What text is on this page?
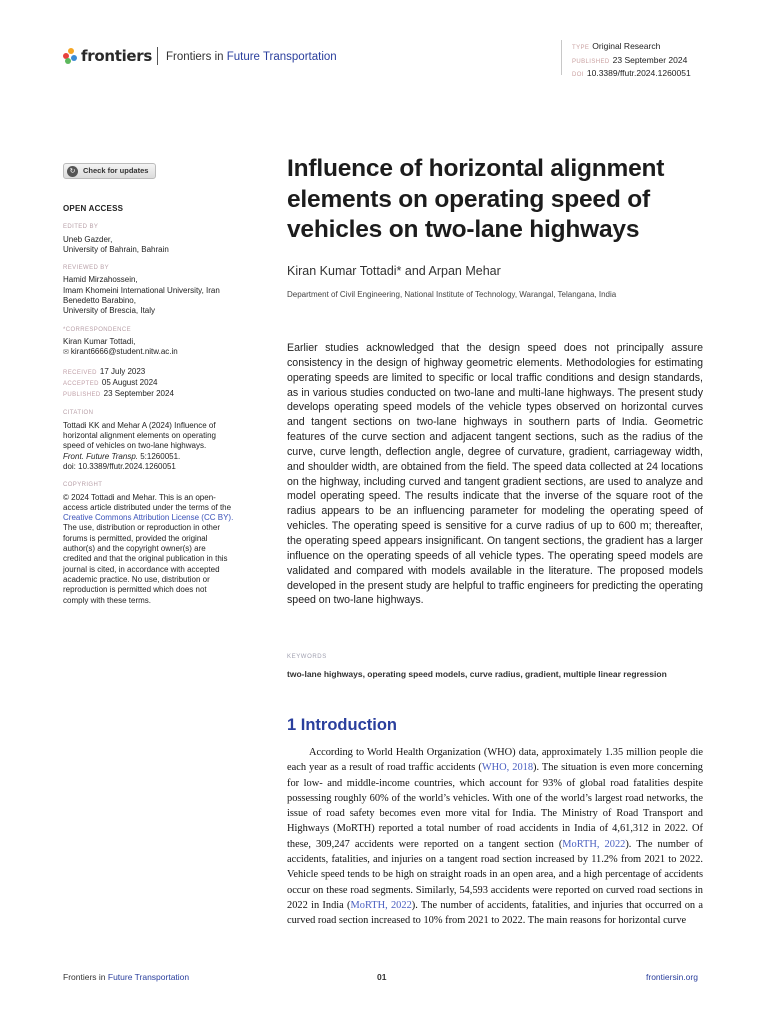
frontiers Frontiers in Future Transportation
TYPE Original Research
PUBLISHED 23 September 2024
DOI 10.3389/ffutr.2024.1260051
↻	Check for updates
OPEN ACCESS
EDITED BY
Uneb Gazder,
University of Bahrain, Bahrain
REVIEWED BY
Hamid Mirzahossein,
Imam Khomeini International University, Iran
Benedetto Barabino,
University of Brescia, Italy
*CORRESPONDENCE
Kiran Kumar Tottadi,
✉ kirant6666@student.nitw.ac.in
RECEIVED 17 July 2023
ACCEPTED 05 August 2024
PUBLISHED 23 September 2024
CITATION
Tottadi KK and Mehar A (2024) Influence of
horizontal alignment elements on operating
speed of vehicles on two-lane highways.
Front. Future Transp. 5:1260051.
doi: 10.3389/ffutr.2024.1260051
COPYRIGHT
© 2024 Tottadi and Mehar. This is an open-
access article distributed under the terms of the
Creative Commons Attribution License (CC BY).
The use, distribution or reproduction in other
forums is permitted, provided the original
author(s) and the copyright owner(s) are
credited and that the original publication in this
journal is cited, in accordance with accepted
academic practice. No use, distribution or
reproduction is permitted which does not
comply with these terms.
Influence of horizontal alignment elements on operating speed of vehicles on two-lane highways
Kiran Kumar Tottadi* and Arpan Mehar
Department of Civil Engineering, National Institute of Technology, Warangal, Telangana, India

Earlier studies acknowledged that the design speed does not principally assure consistency in the design of highway geometric elements. Methodologies for estimating operating speeds are limited to specific or local traffic conditions and design standards, as in various studies conducted on two-lane and multi-lane highways. The present study develops operating speed models of the vehicle types observed on horizontal curves and tangent sections on two-lane highways in southern parts of India. Geometric features of the curve section and adjacent tangent sections, such as the radius of the curve, curve length, deflection angle, degree of curvature, gradient, carriageway width, and shoulder width, are obtained from the field. The speed data collected at 24 locations on the highway, including curved and tangent gradient sections, are used to analyze and model operating speed. The results indicate that the inverse of the square root of the radius appears to be an influencing parameter for modeling the operating speed of vehicles. The operating speed is sensitive for a curve radius of up to 600 m; thereafter, the operating speed appears insignificant. On tangent sections, the gradient has a larger influence on the operating speeds of all vehicle types. The operating speed models are validated and compared with models available in the literature. The proposed models developed in the present study are helpful to traffic engineers for predicting the operating speed on two-lane highways.

KEYWORDS
two-lane highways, operating speed models, curve radius, gradient, multiple linear regression
1 Introduction

According to World Health Organization (WHO) data, approximately 1.35 million people die each year as a result of road traffic accidents (WHO, 2018). The situation is even more concerning for low- and middle-income countries, which account for 93% of global road fatalities despite possessing roughly 60% of the world’s vehicles. With one of the world’s largest road networks, the issue of road safety becomes even more vital for India. The Ministry of Road Transport and Highways (MoRTH) reported a total number of road accidents in India of 4,61,312 in 2022. Of these, 309,247 accidents were reported on a tangent section (MoRTH, 2022). The number of accidents, fatalities, and injuries on a tangent road section increased by 11.2% from 2021 to 2022. Vehicle speed tends to be high on straight roads in an open area, and a high percentage of accidents occur on these road segments. Similarly, 54,593 accidents were reported on curved road sections in 2022 in India (MoRTH, 2022). The number of accidents, fatalities, and injuries that occurred on a curved road section increased to 10% from 2021 to 2022. The main reasons for horizontal curve

Frontiers in Future Transportation	01	frontiersin.org
